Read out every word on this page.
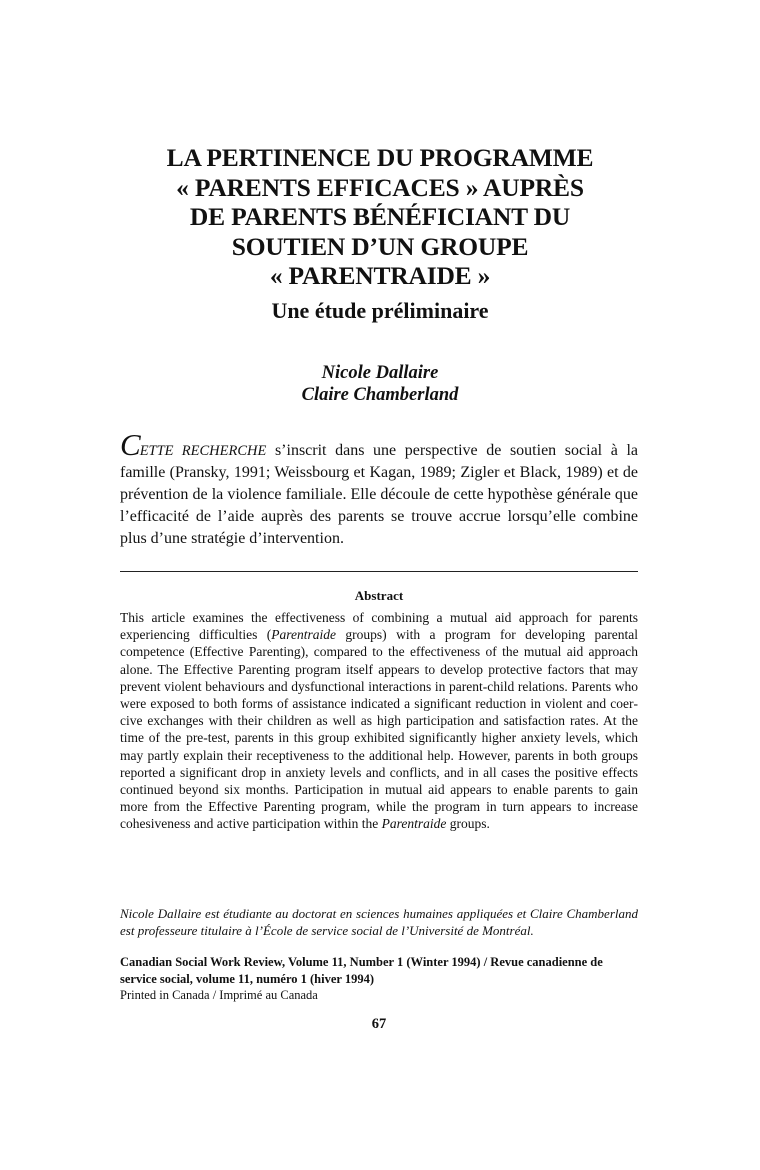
LA PERTINENCE DU PROGRAMME
« PARENTS EFFICACES » AUPRÈS
DE PARENTS BÉNÉFICIANT DU
SOUTIEN D’UN GROUPE
« PARENTRAIDE »
Une étude préliminaire
Nicole Dallaire
Claire Chamberland
CETTE RECHERCHE s’inscrit dans une perspective de soutien social à la famille (Pransky, 1991; Weissbourg et Kagan, 1989; Zigler et Black, 1989) et de prévention de la violence familiale. Elle découle de cette hypothèse générale que l’efficacité de l’aide auprès des parents se trouve accrue lorsqu’elle combine plus d’une stratégie d’intervention.
Abstract
This article examines the effectiveness of combining a mutual aid approach for parents experiencing difficulties (Parentraide groups) with a program for developing parental competence (Effective Parenting), compared to the effectiveness of the mutual aid approach alone. The Effective Parenting program itself appears to develop protective factors that may prevent violent behaviours and dysfunctional interactions in parent-child relations. Parents who were exposed to both forms of assistance indicated a significant reduction in violent and coercive exchanges with their children as well as high participation and satisfaction rates. At the time of the pre-test, parents in this group exhibited significantly higher anxiety levels, which may partly explain their receptiveness to the additional help. However, parents in both groups reported a significant drop in anxiety levels and conflicts, and in all cases the positive effects continued beyond six months. Participation in mutual aid appears to enable parents to gain more from the Effective Parenting program, while the program in turn appears to increase cohesiveness and active participation within the Parentraide groups.
Nicole Dallaire est étudiante au doctorat en sciences humaines appliquées et Claire Chamberland est professeure titulaire à l’École de service social de l’Université de Montréal.
Canadian Social Work Review, Volume 11, Number 1 (Winter 1994) / Revue canadienne de service social, volume 11, numéro 1 (hiver 1994)
Printed in Canada / Imprimé au Canada
67
